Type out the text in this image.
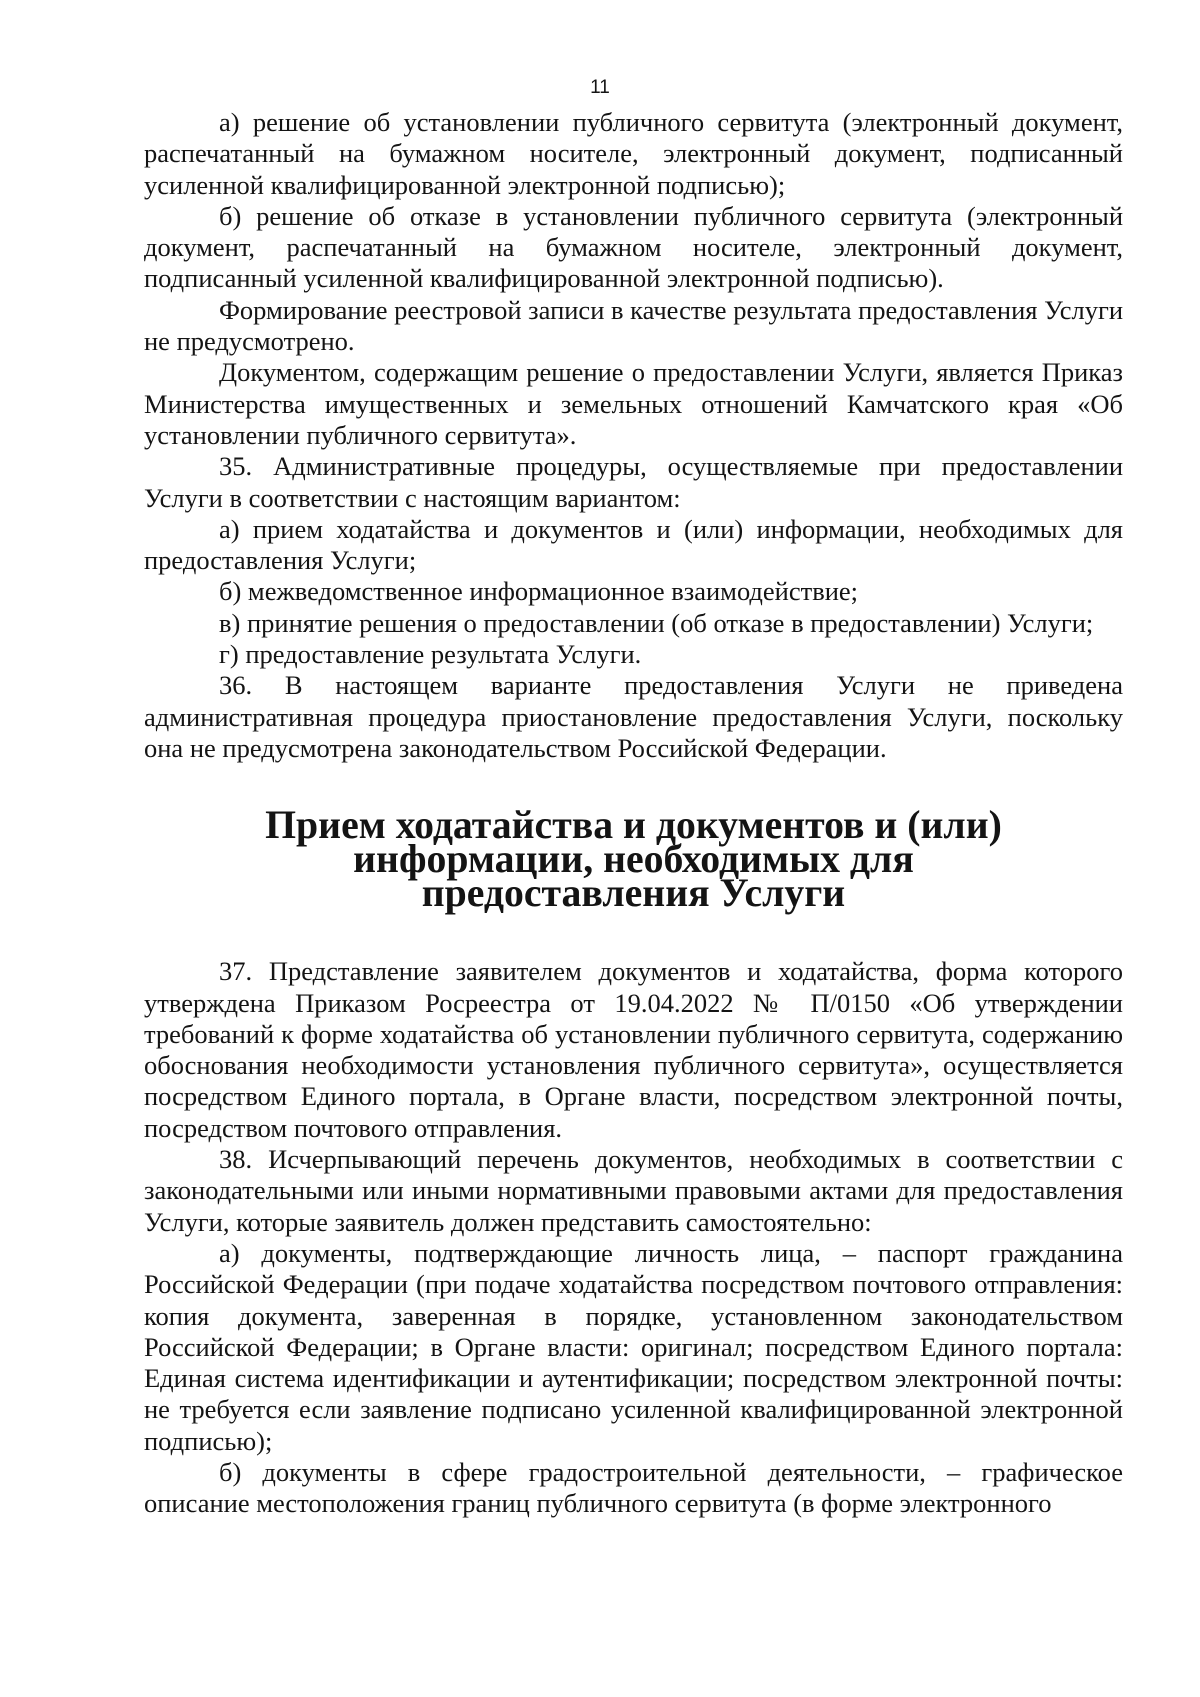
11

а) решение об установлении публичного сервитута (электронный документ, распечатанный на бумажном носителе, электронный документ, подписанный усиленной квалифицированной электронной подписью);

б) решение об отказе в установлении публичного сервитута (электронный документ, распечатанный на бумажном носителе, электронный документ, подписанный усиленной квалифицированной электронной подписью).

Формирование реестровой записи в качестве результата предоставления Услуги не предусмотрено.

Документом, содержащим решение о предоставлении Услуги, является Приказ Министерства имущественных и земельных отношений Камчатского края «Об установлении публичного сервитута».

35. Административные процедуры, осуществляемые при предоставлении Услуги в соответствии с настоящим вариантом:

а) прием ходатайства и документов и (или) информации, необходимых для предоставления Услуги;

б) межведомственное информационное взаимодействие;

в) принятие решения о предоставлении (об отказе в предоставлении) Услуги;

г) предоставление результата Услуги.

36. В настоящем варианте предоставления Услуги не приведена административная процедура приостановление предоставления Услуги, поскольку она не предусмотрена законодательством Российской Федерации.

Прием ходатайства и документов и (или) информации, необходимых для
предоставления Услуги

37. Представление заявителем документов и ходатайства, форма которого утверждена Приказом Росреестра от 19.04.2022 № П/0150 «Об утверждении требований к форме ходатайства об установлении публичного сервитута, содержанию обоснования необходимости установления публичного сервитута», осуществляется посредством Единого портала, в Органе власти, посредством электронной почты, посредством почтового отправления.

38. Исчерпывающий перечень документов, необходимых в соответствии с законодательными или иными нормативными правовыми актами для предоставления Услуги, которые заявитель должен представить самостоятельно:

а) документы, подтверждающие личность лица, – паспорт гражданина Российской Федерации (при подаче ходатайства посредством почтового отправления: копия документа, заверенная в порядке, установленном законодательством Российской Федерации; в Органе власти: оригинал; посредством Единого портала: Единая система идентификации и аутентификации; посредством электронной почты: не требуется если заявление подписано усиленной квалифицированной электронной подписью);

б) документы в сфере градостроительной деятельности, – графическое описание местоположения границ публичного сервитута (в форме электронного
